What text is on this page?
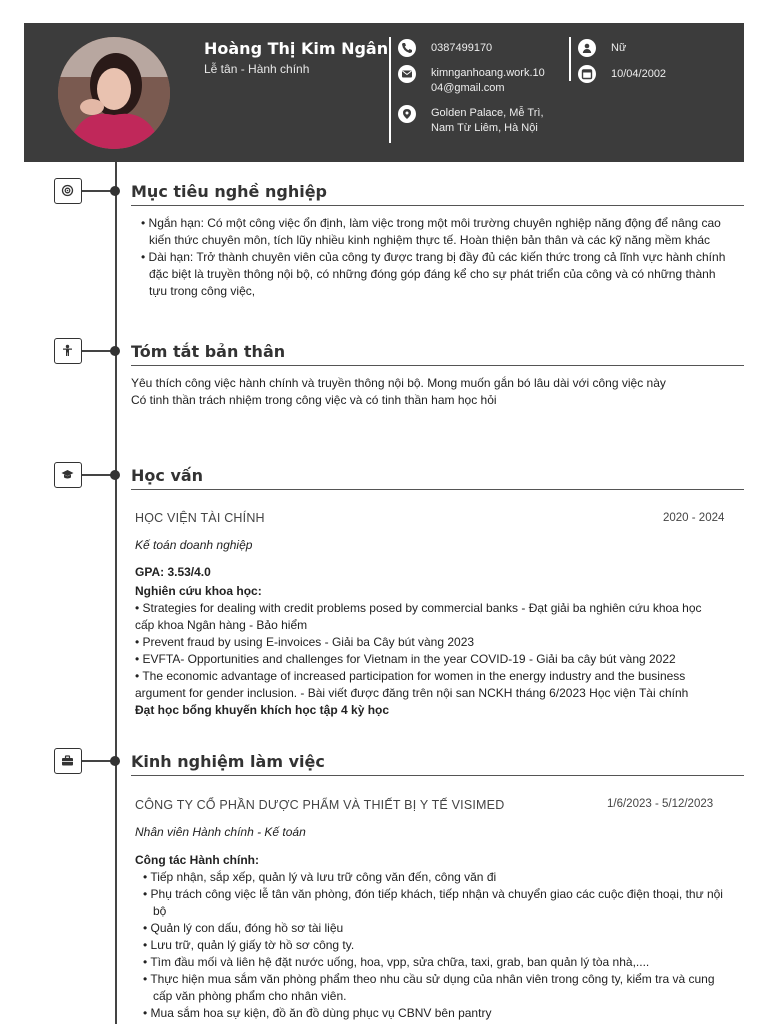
Hoàng Thị Kim Ngân
Lễ tân - Hành chính
0387499170
kimnganhoang.work.10
04@gmail.com
Golden Palace, Mễ Trì,
Nam Từ Liêm, Hà Nội
Nữ
10/04/2002
Mục tiêu nghề nghiệp
• Ngắn hạn: Có một công việc ổn định, làm việc trong một môi trường chuyên nghiệp năng động để nâng cao
kiến thức chuyên môn, tích lũy nhiều kinh nghiệm thực tế. Hoàn thiện bản thân và các kỹ năng mềm khác
• Dài hạn: Trở thành chuyên viên của công ty được trang bị đầy đủ các kiến thức trong cả lĩnh vực hành chính
đặc biệt là truyền thông nội bộ, có những đóng góp đáng kể cho sự phát triển của công và có những thành
tựu trong công việc,
Tóm tắt bản thân
Yêu thích công việc hành chính và truyền thông nội bộ. Mong muốn gắn bó lâu dài với công việc này
Có tinh thần trách nhiệm trong công việc và có tinh thần ham học hỏi
Học vấn
HỌC VIỆN TÀI CHÍNH	2020 - 2024
Kế toán doanh nghiệp
GPA: 3.53/4.0
Nghiên cứu khoa học:
• Strategies for dealing with credit problems posed by commercial banks - Đạt giải ba nghiên cứu khoa học
cấp khoa Ngân hàng - Bảo hiểm
• Prevent fraud by using E-invoices - Giải ba Cây bút vàng 2023
• EVFTA- Opportunities and challenges for Vietnam in the year COVID-19 - Giải ba cây bút vàng 2022
• The economic advantage of increased participation for women in the energy industry and the business
argument for gender inclusion. - Bài viết được đăng trên nội san NCKH tháng 6/2023 Học viện Tài chính
Đạt học bổng khuyến khích học tập 4 kỳ học
Kinh nghiệm làm việc
CÔNG TY CỔ PHẦN DƯỢC PHẨM VÀ THIẾT BỊ Y TẾ VISIMED	1/6/2023 - 5/12/2023
Nhân viên Hành chính - Kế toán
Công tác Hành chính:
• Tiếp nhận, sắp xếp, quản lý và lưu trữ công văn đến, công văn đi
• Phụ trách công việc lễ tân văn phòng, đón tiếp khách, tiếp nhận và chuyển giao các cuộc điện thoại, thư nội
bộ
• Quản lý con dấu, đóng hồ sơ tài liệu
• Lưu trữ, quản lý giấy tờ hồ sơ công ty.
• Tìm đầu mối và liên hệ đặt nước uống, hoa, vpp, sửa chữa, taxi, grab, ban quản lý tòa nhà,....
• Thực hiện mua sắm văn phòng phẩm theo nhu cầu sử dụng của nhân viên trong công ty, kiểm tra và cung
cấp văn phòng phẩm cho nhân viên.
• Mua sắm hoa sự kiện, đồ ăn đồ dùng phục vụ CBNV bên pantry
